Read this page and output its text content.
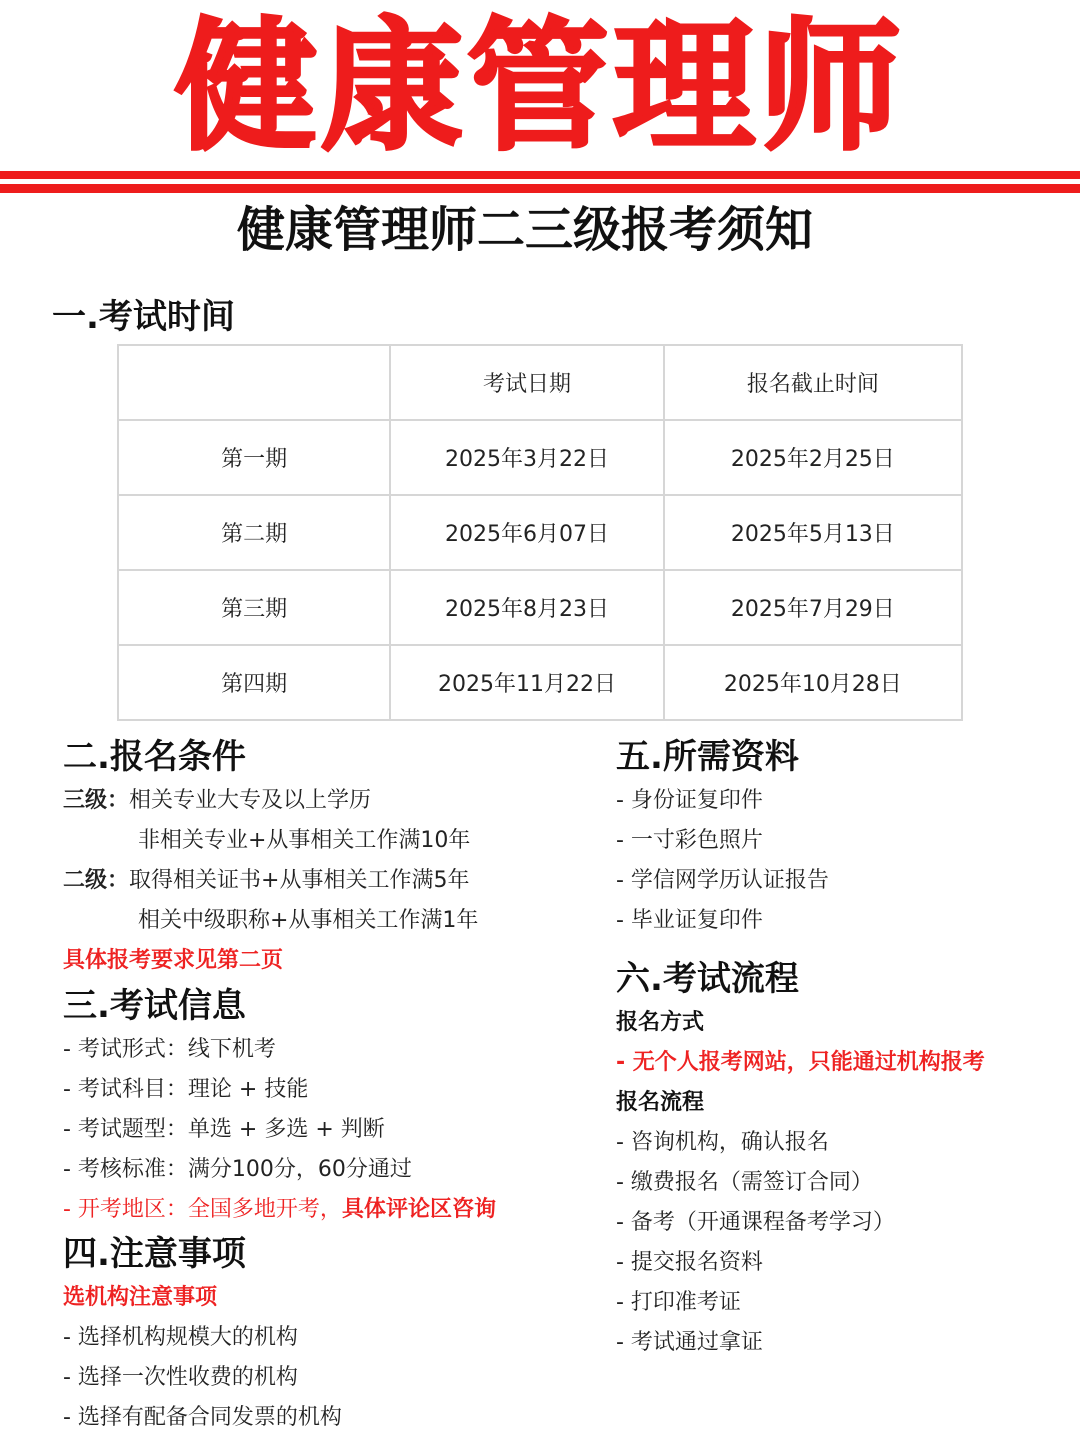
健康管理师
健康管理师二三级报考须知
一.考试时间
	考试日期	报名截止时间
第一期	2025年3月22日	2025年2月25日
第二期	2025年6月07日	2025年5月13日
第三期	2025年8月23日	2025年7月29日
第四期	2025年11月22日	2025年10月28日
二.报名条件
三级：相关专业大专及以上学历
非相关专业+从事相关工作满10年
二级：取得相关证书+从事相关工作满5年
相关中级职称+从事相关工作满1年
具体报考要求见第二页
三.考试信息
- 考试形式：线下机考
- 考试科目：理论 + 技能
- 考试题型：单选 + 多选 + 判断
- 考核标准：满分100分，60分通过
- 开考地区：全国多地开考，具体评论区咨询
四.注意事项
选机构注意事项
- 选择机构规模大的机构
- 选择一次性收费的机构
- 选择有配备合同发票的机构
五.所需资料
- 身份证复印件
- 一寸彩色照片
- 学信网学历认证报告
- 毕业证复印件
六.考试流程
报名方式
- 无个人报考网站，只能通过机构报考
报名流程
- 咨询机构，确认报名
- 缴费报名（需签订合同）
- 备考（开通课程备考学习）
- 提交报名资料
- 打印准考证
- 考试通过拿证
